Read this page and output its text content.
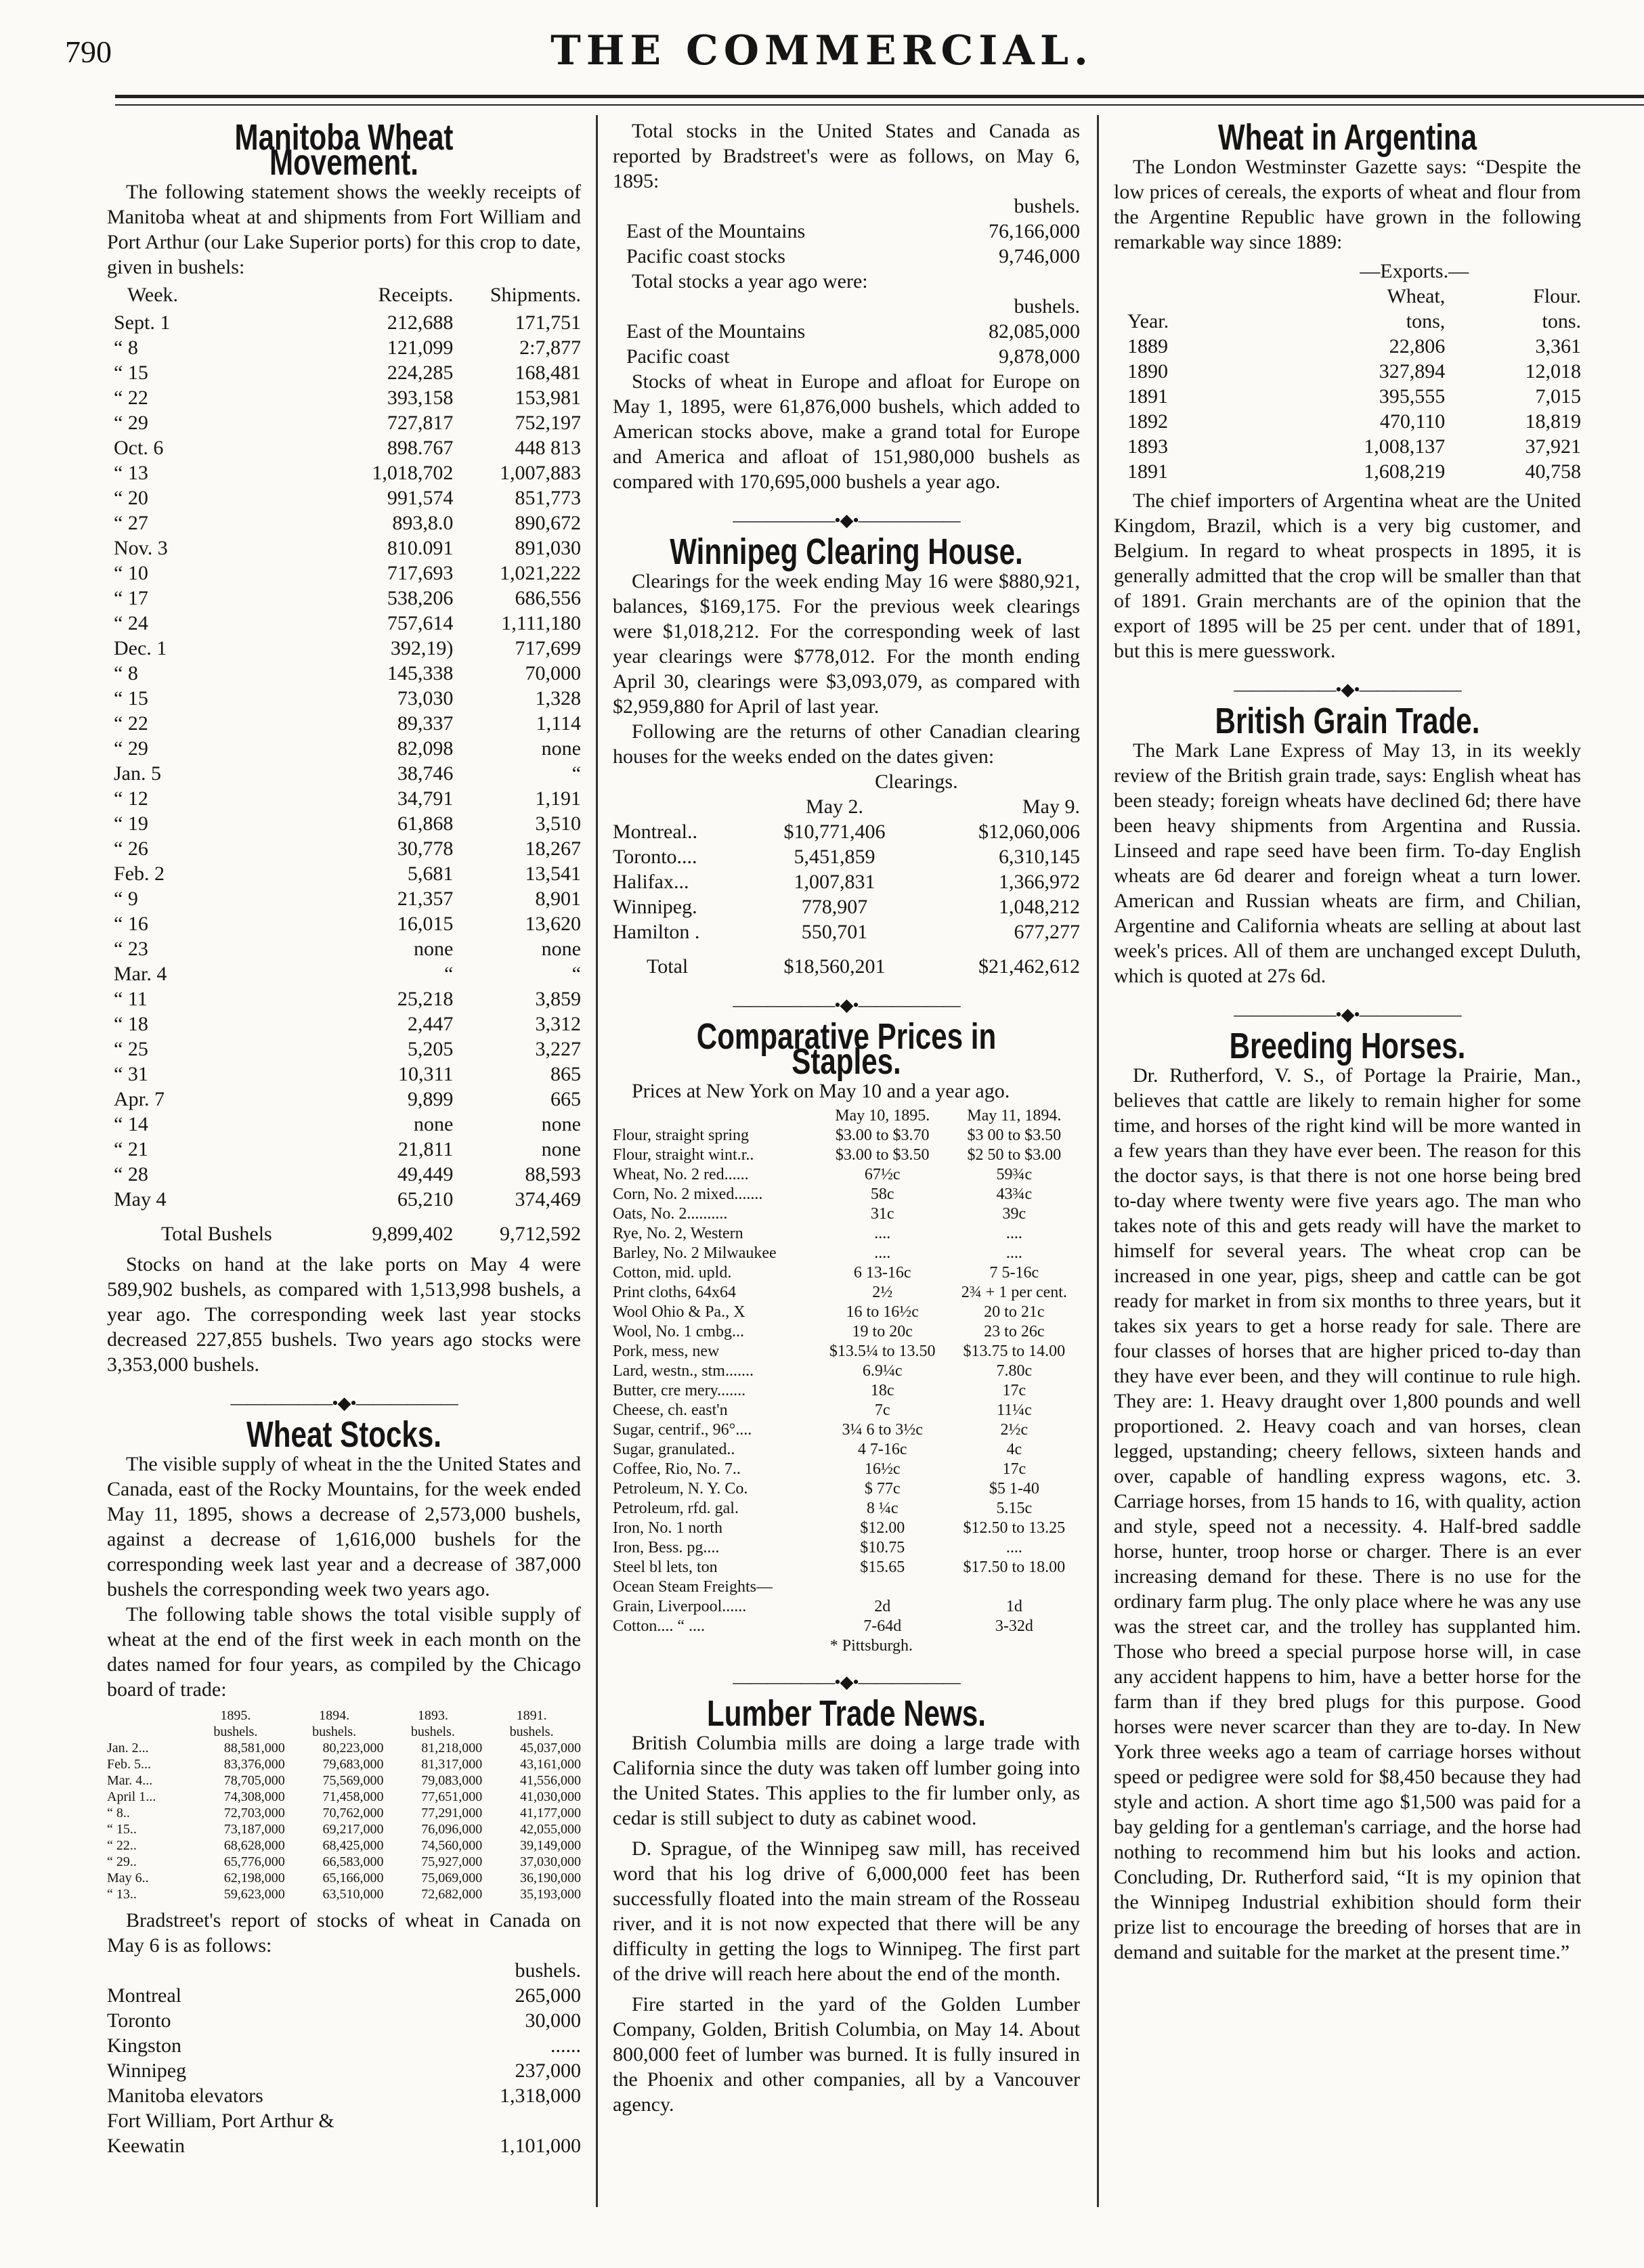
790	THE COMMERCIAL.
Manitoba Wheat Movement.

The following statement shows the weekly receipts of Manitoba wheat at and shipments from Fort William and Port Arthur (our Lake Superior ports) for this crop to date, given in bushels:

Week.	Receipts.	Shipments.
Sept. 1	212,688	171,751
“ 8	121,099	2:7,877
“ 15	224,285	168,481
“ 22	393,158	153,981
“ 29	727,817	752,197
Oct. 6	898.767	448 813
“ 13	1,018,702	1,007,883
“ 20	991,574	851,773
“ 27	893,8.0	890,672
Nov. 3	810.091	891,030
“ 10	717,693	1,021,222
“ 17	538,206	686,556
“ 24	757,614	1,111,180
Dec. 1	392,19)	717,699
“ 8	145,338	70,000
“ 15	73,030	1,328
“ 22	89,337	1,114
“ 29	82,098	none
Jan. 5	38,746	“
“ 12	34,791	1,191
“ 19	61,868	3,510
“ 26	30,778	18,267
Feb. 2	5,681	13,541
“ 9	21,357	8,901
“ 16	16,015	13,620
“ 23	none	none
Mar. 4	“	“
“ 11	25,218	3,859
“ 18	2,447	3,312
“ 25	5,205	3,227
“ 31	10,311	865
Apr. 7	9,899	665
“ 14	none	none
“ 21	21,811	none
“ 28	49,449	88,593
May 4	65,210	374,469
Total Bushels	9,899,402	9,712,592

Stocks on hand at the lake ports on May 4 were 589,902 bushels, as compared with 1,513,998 bushels, a year ago. The corresponding week last year stocks decreased 227,855 bushels. Two years ago stocks were 3,353,000 bushels.

——————•◆•——————
Wheat Stocks.

The visible supply of wheat in the the United States and Canada, east of the Rocky Mountains, for the week ended May 11, 1895, shows a decrease of 2,573,000 bushels, against a decrease of 1,616,000 bushels for the corresponding week last year and a decrease of 387,000 bushels the corresponding week two years ago.

The following table shows the total visible supply of wheat at the end of the first week in each month on the dates named for four years, as compiled by the Chicago board of trade:

	1895.	1894.	1893.	1891.
	bushels.	bushels.	bushels.	bushels.
Jan. 2...	88,581,000	80,223,000	81,218,000	45,037,000
Feb. 5...	83,376,000	79,683,000	81,317,000	43,161,000
Mar. 4...	78,705,000	75,569,000	79,083,000	41,556,000
April 1...	74,308,000	71,458,000	77,651,000	41,030,000
“ 8..	72,703,000	70,762,000	77,291,000	41,177,000
“ 15..	73,187,000	69,217,000	76,096,000	42,055,000
“ 22..	68,628,000	68,425,000	74,560,000	39,149,000
“ 29..	65,776,000	66,583,000	75,927,000	37,030,000
May 6..	62,198,000	65,166,000	75,069,000	36,190,000
“ 13..	59,623,000	63,510,000	72,682,000	35,193,000

Bradstreet's report of stocks of wheat in Canada on May 6 is as follows:

	bushels.
Montreal	265,000
Toronto	30,000
Kingston	......
Winnipeg	237,000
Manitoba elevators	1,318,000
Fort William, Port Arthur &	
Keewatin	1,101,000

Total stocks in the United States and Canada as reported by Bradstreet's were as follows, on May 6, 1895:

	bushels.
East of the Mountains	76,166,000
Pacific coast stocks	9,746,000
Total stocks a year ago were:	
	bushels.
East of the Mountains	82,085,000
Pacific coast	9,878,000

Stocks of wheat in Europe and afloat for Europe on May 1, 1895, were 61,876,000 bushels, which added to American stocks above, make a grand total for Europe and America and afloat of 151,980,000 bushels as compared with 170,695,000 bushels a year ago.

——————•◆•——————
Winnipeg Clearing House.

Clearings for the week ending May 16 were $880,921, balances, $169,175. For the previous week clearings were $1,018,212. For the corresponding week of last year clearings were $778,012. For the month ending April 30, clearings were $3,093,079, as compared with $2,959,880 for April of last year.

Following are the returns of other Canadian clearing houses for the weeks ended on the dates given:

	Clearings.	
	May 2.	May 9.
Montreal..	$10,771,406	$12,060,006
Toronto....	5,451,859	6,310,145
Halifax...	1,007,831	1,366,972
Winnipeg.	778,907	1,048,212
Hamilton .	550,701	677,277
Total	$18,560,201	$21,462,612
——————•◆•——————
Comparative Prices in Staples.

Prices at New York on May 10 and a year ago.

	May 10, 1895.	May 11, 1894.
Flour, straight spring	$3.00 to $3.70	$3 00 to $3.50
Flour, straight wint.r..	$3.00 to $3.50	$2 50 to $3.00
Wheat, No. 2 red......	67½c	59¾c
Corn, No. 2 mixed.......	58c	43¾c
Oats, No. 2..........	31c	39c
Rye, No. 2, Western	....	....
Barley, No. 2 Milwaukee	....	....
Cotton, mid. upld.	6 13-16c	7 5-16c
Print cloths, 64x64	2½	2¾ + 1 per cent.
Wool Ohio & Pa., X	16 to 16½c	20 to 21c
Wool, No. 1 cmbg...	19 to 20c	23 to 26c
Pork, mess, new	$13.5¼ to 13.50	$13.75 to 14.00
Lard, westn., stm.......	6.9¼c	7.80c
Butter, cre mery.......	18c	17c
Cheese, ch. east'n	7c	11¼c
Sugar, centrif., 96°....	3¼ 6 to 3½c	2½c
Sugar, granulated..	4 7-16c	4c
Coffee, Rio, No. 7..	16½c	17c
Petroleum, N. Y. Co.	$ 77c	$5 1-40
Petroleum, rfd. gal.	8 ¼c	5.15c
Iron, No. 1 north	$12.00	$12.50 to 13.25
Iron, Bess. pg....	$10.75	....
Steel bl lets, ton	$15.65	$17.50 to 18.00
Ocean Steam Freights—		
Grain, Liverpool......	2d	1d
Cotton.... “ ....	7-64d	3-32d
	* Pittsburgh.	
——————•◆•——————
Lumber Trade News.

British Columbia mills are doing a large trade with California since the duty was taken off lumber going into the United States. This applies to the fir lumber only, as cedar is still subject to duty as cabinet wood.

D. Sprague, of the Winnipeg saw mill, has received word that his log drive of 6,000,000 feet has been successfully floated into the main stream of the Rosseau river, and it is not now expected that there will be any difficulty in getting the logs to Winnipeg. The first part of the drive will reach here about the end of the month.

Fire started in the yard of the Golden Lumber Company, Golden, British Columbia, on May 14. About 800,000 feet of lumber was burned. It is fully insured in the Phoenix and other companies, all by a Vancouver agency.

Wheat in Argentina

The London Westminster Gazette says: “Despite the low prices of cereals, the exports of wheat and flour from the Argentine Republic have grown in the following remarkable way since 1889:

	—Exports.—	
	Wheat,	Flour.
Year.	tons,	tons.
1889	22,806	3,361
1890	327,894	12,018
1891	395,555	7,015
1892	470,110	18,819
1893	1,008,137	37,921
1891	1,608,219	40,758

The chief importers of Argentina wheat are the United Kingdom, Brazil, which is a very big customer, and Belgium. In regard to wheat prospects in 1895, it is generally admitted that the crop will be smaller than that of 1891. Grain merchants are of the opinion that the export of 1895 will be 25 per cent. under that of 1891, but this is mere guesswork.

——————•◆•——————
British Grain Trade.

The Mark Lane Express of May 13, in its weekly review of the British grain trade, says: English wheat has been steady; foreign wheats have declined 6d; there have been heavy shipments from Argentina and Russia. Linseed and rape seed have been firm. To-day English wheats are 6d dearer and foreign wheat a turn lower. American and Russian wheats are firm, and Chilian, Argentine and California wheats are selling at about last week's prices. All of them are unchanged except Duluth, which is quoted at 27s 6d.

——————•◆•——————
Breeding Horses.

Dr. Rutherford, V. S., of Portage la Prairie, Man., believes that cattle are likely to remain higher for some time, and horses of the right kind will be more wanted in a few years than they have ever been. The reason for this the doctor says, is that there is not one horse being bred to-day where twenty were five years ago. The man who takes note of this and gets ready will have the market to himself for several years. The wheat crop can be increased in one year, pigs, sheep and cattle can be got ready for market in from six months to three years, but it takes six years to get a horse ready for sale. There are four classes of horses that are higher priced to-day than they have ever been, and they will continue to rule high. They are: 1. Heavy draught over 1,800 pounds and well proportioned. 2. Heavy coach and van horses, clean legged, upstanding; cheery fellows, sixteen hands and over, capable of handling express wagons, etc. 3. Carriage horses, from 15 hands to 16, with quality, action and style, speed not a necessity. 4. Half-bred saddle horse, hunter, troop horse or charger. There is an ever increasing demand for these. There is no use for the ordinary farm plug. The only place where he was any use was the street car, and the trolley has supplanted him. Those who breed a special purpose horse will, in case any accident happens to him, have a better horse for the farm than if they bred plugs for this purpose. Good horses were never scarcer than they are to-day. In New York three weeks ago a team of carriage horses without speed or pedigree were sold for $8,450 because they had style and action. A short time ago $1,500 was paid for a bay gelding for a gentleman's carriage, and the horse had nothing to recommend him but his looks and action. Concluding, Dr. Rutherford said, “It is my opinion that the Winnipeg Industrial exhibition should form their prize list to encourage the breeding of horses that are in demand and suitable for the market at the present time.”
